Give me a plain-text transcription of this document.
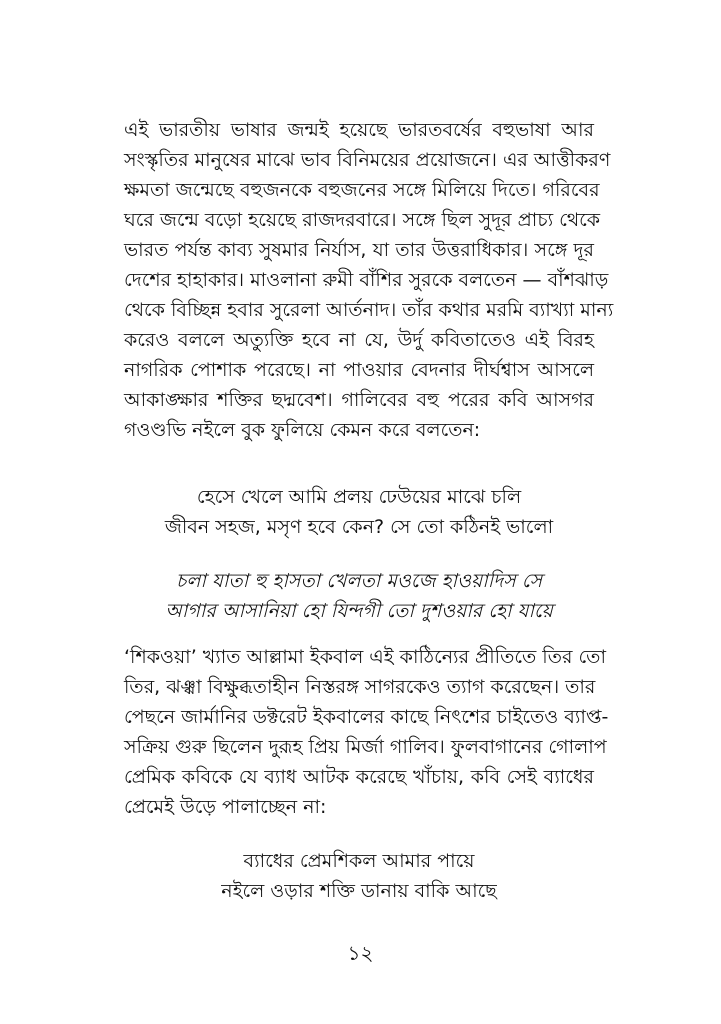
এই ভারতীয় ভাষার জন্মই হয়েছে ভারতবর্ষের বহুভাষা আর
সংস্কৃতির মানুষের মাঝে ভাব বিনিময়ের প্রয়োজনে। এর আত্তীকরণ
ক্ষমতা জন্মেছে বহুজনকে বহুজনের সঙ্গে মিলিয়ে দিতে। গরিবের
ঘরে জন্মে বড়ো হয়েছে রাজদরবারে। সঙ্গে ছিল সুদূর প্রাচ্য থেকে
ভারত পর্যন্ত কাব্য সুষমার নির্যাস, যা তার উত্তরাধিকার। সঙ্গে দূর
দেশের হাহাকার। মাওলানা রুমী বাঁশির সুরকে বলতেন — বাঁশঝাড়
থেকে বিচ্ছিন্ন হবার সুরেলা আর্তনাদ। তাঁর কথার মরমি ব্যাখ্যা মান্য
করেও বললে অত্যুক্তি হবে না যে, উর্দু কবিতাতেও এই বিরহ
নাগরিক পোশাক পরেছে। না পাওয়ার বেদনার দীর্ঘশ্বাস আসলে
আকাঙ্ক্ষার শক্তির ছদ্মবেশ। গালিবের বহু পরের কবি আসগর
গওণ্ডভি নইলে বুক ফুলিয়ে কেমন করে বলতেন:
হেসে খেলে আমি প্রলয় ঢেউয়ের মাঝে চলি
জীবন সহজ, মসৃণ হবে কেন? সে তো কঠিনই ভালো
চলা যাতা হু হাসতা খেলতা মওজে হাওয়াদিস সে
আগার আসানিয়া হো যিন্দগী তো দুশওয়ার হো যায়ে
‘শিকওয়া’ খ্যাত আল্লামা ইকবাল এই কাঠিন্যের প্রীতিতে তির তো
তির, ঝঞ্ঝা বিক্ষুব্ধতাহীন নিস্তরঙ্গ সাগরকেও ত্যাগ করেছেন। তার
পেছনে জার্মানির ডক্টরেট ইকবালের কাছে নিৎশের চাইতেও ব্যাপ্ত-
সক্রিয় গুরু ছিলেন দুরূহ প্রিয় মির্জা গালিব। ফুলবাগানের গোলাপ
প্রেমিক কবিকে যে ব্যাধ আটক করেছে খাঁচায়, কবি সেই ব্যাধের
প্রেমেই উড়ে পালাচ্ছেন না:
ব্যাধের প্রেমশিকল আমার পায়ে
নইলে ওড়ার শক্তি ডানায় বাকি আছে
১২
